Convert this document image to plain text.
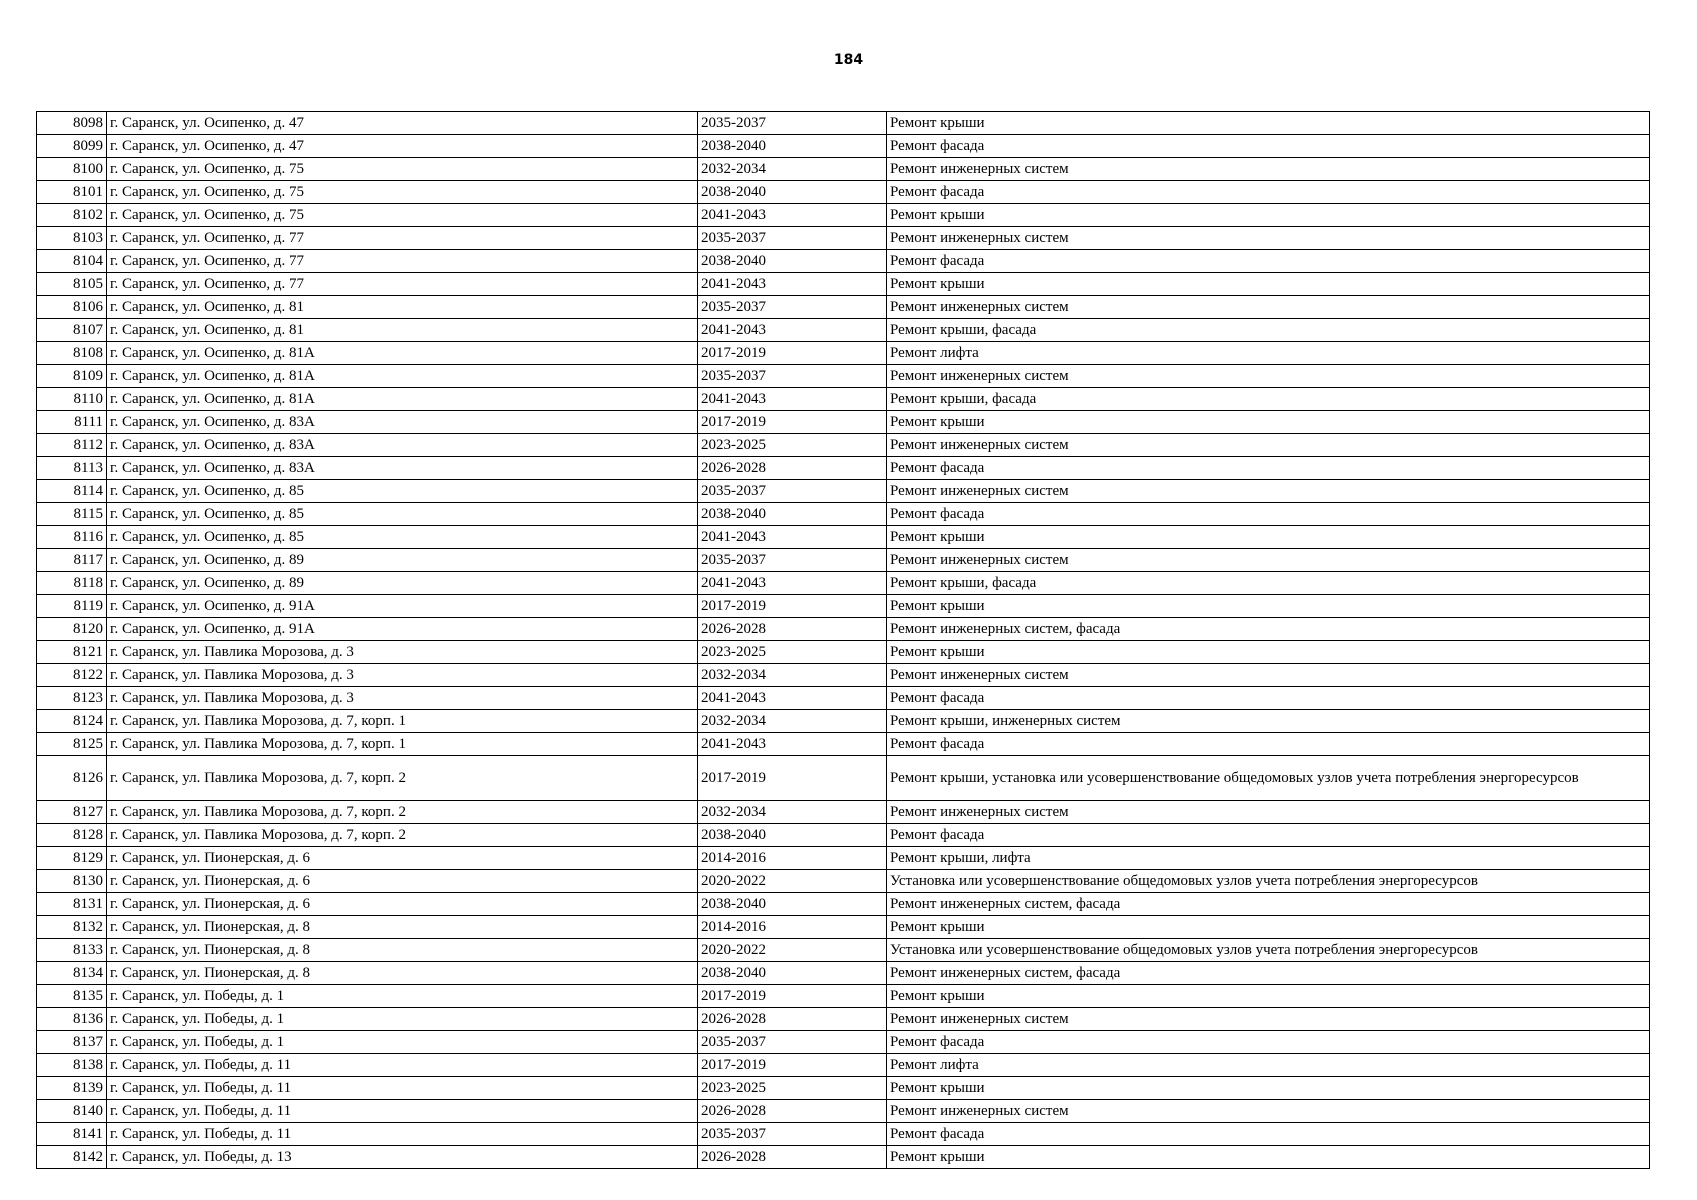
184
8098	г. Саранск, ул. Осипенко, д. 47	2035-2037	Ремонт крыши
8099	г. Саранск, ул. Осипенко, д. 47	2038-2040	Ремонт фасада
8100	г. Саранск, ул. Осипенко, д. 75	2032-2034	Ремонт инженерных систем
8101	г. Саранск, ул. Осипенко, д. 75	2038-2040	Ремонт фасада
8102	г. Саранск, ул. Осипенко, д. 75	2041-2043	Ремонт крыши
8103	г. Саранск, ул. Осипенко, д. 77	2035-2037	Ремонт инженерных систем
8104	г. Саранск, ул. Осипенко, д. 77	2038-2040	Ремонт фасада
8105	г. Саранск, ул. Осипенко, д. 77	2041-2043	Ремонт крыши
8106	г. Саранск, ул. Осипенко, д. 81	2035-2037	Ремонт инженерных систем
8107	г. Саранск, ул. Осипенко, д. 81	2041-2043	Ремонт крыши, фасада
8108	г. Саранск, ул. Осипенко, д. 81А	2017-2019	Ремонт лифта
8109	г. Саранск, ул. Осипенко, д. 81А	2035-2037	Ремонт инженерных систем
8110	г. Саранск, ул. Осипенко, д. 81А	2041-2043	Ремонт крыши, фасада
8111	г. Саранск, ул. Осипенко, д. 83А	2017-2019	Ремонт крыши
8112	г. Саранск, ул. Осипенко, д. 83А	2023-2025	Ремонт инженерных систем
8113	г. Саранск, ул. Осипенко, д. 83А	2026-2028	Ремонт фасада
8114	г. Саранск, ул. Осипенко, д. 85	2035-2037	Ремонт инженерных систем
8115	г. Саранск, ул. Осипенко, д. 85	2038-2040	Ремонт фасада
8116	г. Саранск, ул. Осипенко, д. 85	2041-2043	Ремонт крыши
8117	г. Саранск, ул. Осипенко, д. 89	2035-2037	Ремонт инженерных систем
8118	г. Саранск, ул. Осипенко, д. 89	2041-2043	Ремонт крыши, фасада
8119	г. Саранск, ул. Осипенко, д. 91А	2017-2019	Ремонт крыши
8120	г. Саранск, ул. Осипенко, д. 91А	2026-2028	Ремонт инженерных систем, фасада
8121	г. Саранск, ул. Павлика Морозова, д. 3	2023-2025	Ремонт крыши
8122	г. Саранск, ул. Павлика Морозова, д. 3	2032-2034	Ремонт инженерных систем
8123	г. Саранск, ул. Павлика Морозова, д. 3	2041-2043	Ремонт фасада
8124	г. Саранск, ул. Павлика Морозова, д. 7, корп. 1	2032-2034	Ремонт крыши, инженерных систем
8125	г. Саранск, ул. Павлика Морозова, д. 7, корп. 1	2041-2043	Ремонт фасада
8126	г. Саранск, ул. Павлика Морозова, д. 7, корп. 2	2017-2019	Ремонт крыши, установка или усовершенствование общедомовых узлов учета потребления энергоресурсов
8127	г. Саранск, ул. Павлика Морозова, д. 7, корп. 2	2032-2034	Ремонт инженерных систем
8128	г. Саранск, ул. Павлика Морозова, д. 7, корп. 2	2038-2040	Ремонт фасада
8129	г. Саранск, ул. Пионерская, д. 6	2014-2016	Ремонт крыши, лифта
8130	г. Саранск, ул. Пионерская, д. 6	2020-2022	Установка или усовершенствование общедомовых узлов учета потребления энергоресурсов
8131	г. Саранск, ул. Пионерская, д. 6	2038-2040	Ремонт инженерных систем, фасада
8132	г. Саранск, ул. Пионерская, д. 8	2014-2016	Ремонт крыши
8133	г. Саранск, ул. Пионерская, д. 8	2020-2022	Установка или усовершенствование общедомовых узлов учета потребления энергоресурсов
8134	г. Саранск, ул. Пионерская, д. 8	2038-2040	Ремонт инженерных систем, фасада
8135	г. Саранск, ул. Победы, д. 1	2017-2019	Ремонт крыши
8136	г. Саранск, ул. Победы, д. 1	2026-2028	Ремонт инженерных систем
8137	г. Саранск, ул. Победы, д. 1	2035-2037	Ремонт фасада
8138	г. Саранск, ул. Победы, д. 11	2017-2019	Ремонт лифта
8139	г. Саранск, ул. Победы, д. 11	2023-2025	Ремонт крыши
8140	г. Саранск, ул. Победы, д. 11	2026-2028	Ремонт инженерных систем
8141	г. Саранск, ул. Победы, д. 11	2035-2037	Ремонт фасада
8142	г. Саранск, ул. Победы, д. 13	2026-2028	Ремонт крыши
